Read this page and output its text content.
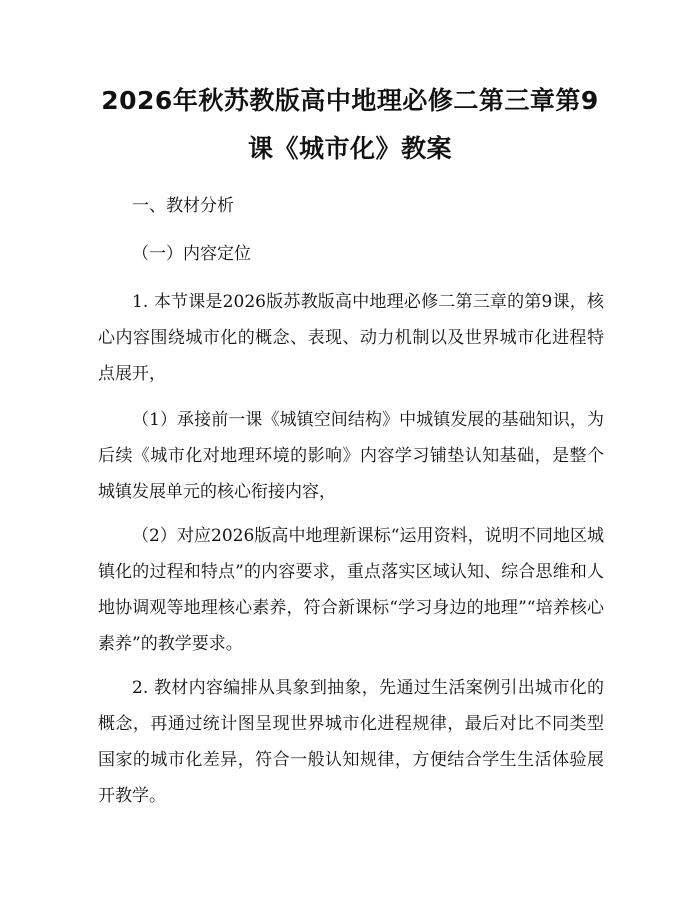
2026年秋苏教版高中地理必修二第三章第9
课《城市化》教案

一、教材分析

（一）内容定位

1. 本节课是2026版苏教版高中地理必修二第三章的第9课，核心内容围绕城市化的概念、表现、动力机制以及世界城市化进程特点展开，

（1）承接前一课《城镇空间结构》中城镇发展的基础知识，为后续《城市化对地理环境的影响》内容学习铺垫认知基础，是整个城镇发展单元的核心衔接内容，

（2）对应2026版高中地理新课标“运用资料，说明不同地区城镇化的过程和特点”的内容要求，重点落实区域认知、综合思维和人地协调观等地理核心素养，符合新课标“学习身边的地理”“培养核心素养”的教学要求。

2. 教材内容编排从具象到抽象，先通过生活案例引出城市化的概念，再通过统计图呈现世界城市化进程规律，最后对比不同类型国家的城市化差异，符合一般认知规律，方便结合学生生活体验展开教学。
